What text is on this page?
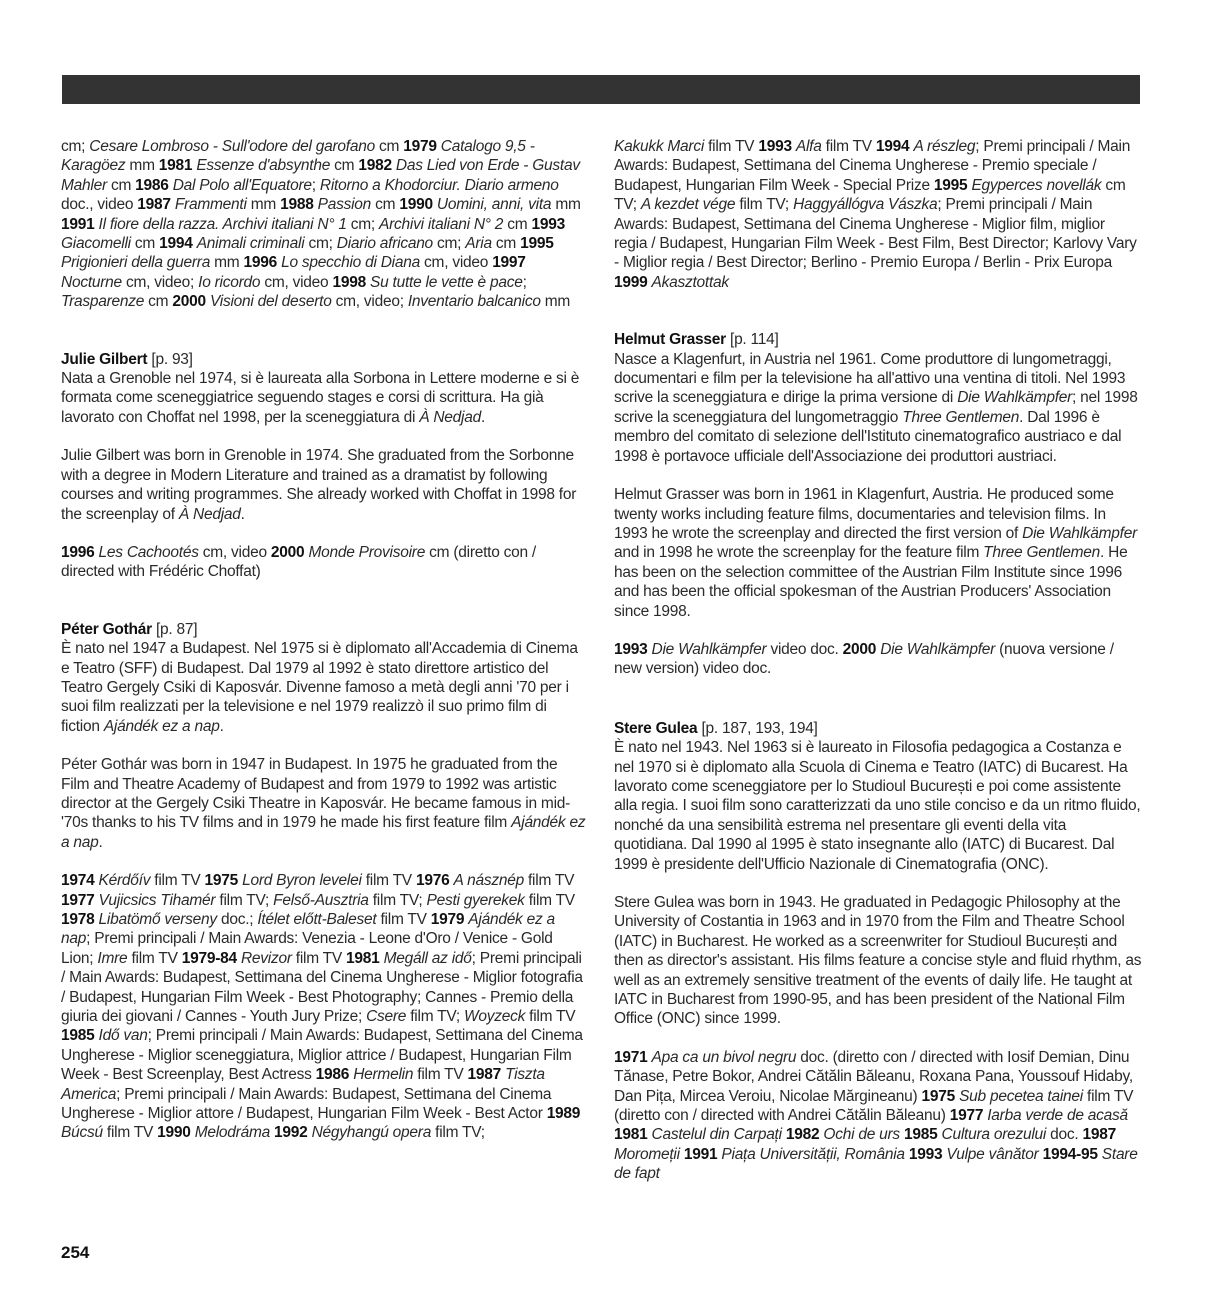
cm; Cesare Lombroso - Sull'odore del garofano cm 1979 Catalogo 9,5 - Karagöez mm 1981 Essenze d'absynthe cm 1982 Das Lied von Erde - Gustav Mahler cm 1986 Dal Polo all'Equatore; Ritorno a Khodorciur. Diario armeno doc., video 1987 Frammenti mm 1988 Passion cm 1990 Uomini, anni, vita mm 1991 Il fiore della razza. Archivi italiani N° 1 cm; Archivi italiani N° 2 cm 1993 Giacomelli cm 1994 Animali criminali cm; Diario africano cm; Aria cm 1995 Prigionieri della guerra mm 1996 Lo specchio di Diana cm, video 1997 Nocturne cm, video; Io ricordo cm, video 1998 Su tutte le vette è pace; Trasparenze cm 2000 Visioni del deserto cm, video; Inventario balcanico mm

Julie Gilbert [p. 93]
Nata a Grenoble nel 1974, si è laureata alla Sorbona in Lettere moderne e si è formata come sceneggiatrice seguendo stages e corsi di scrittura. Ha già lavorato con Choffat nel 1998, per la sceneggiatura di À Nedjad.

Julie Gilbert was born in Grenoble in 1974. She graduated from the Sorbonne with a degree in Modern Literature and trained as a dramatist by following courses and writing programmes. She already worked with Choffat in 1998 for the screenplay of À Nedjad.

1996 Les Cachootés cm, video 2000 Monde Provisoire cm (diretto con / directed with Frédéric Choffat)

Péter Gothár [p. 87]
È nato nel 1947 a Budapest. Nel 1975 si è diplomato all'Accademia di Cinema e Teatro (SFF) di Budapest. Dal 1979 al 1992 è stato direttore artistico del Teatro Gergely Csiki di Kaposvár. Divenne famoso a metà degli anni '70 per i suoi film realizzati per la televisione e nel 1979 realizzò il suo primo film di fiction Ajándék ez a nap.

Péter Gothár was born in 1947 in Budapest. In 1975 he graduated from the Film and Theatre Academy of Budapest and from 1979 to 1992 was artistic director at the Gergely Csiki Theatre in Kaposvár. He became famous in mid-'70s thanks to his TV films and in 1979 he made his first feature film Ajándék ez a nap.

1974 Kérdőív film TV 1975 Lord Byron levelei film TV 1976 A násznép film TV 1977 Vujicsics Tihamér film TV; Felső-Ausztria film TV; Pesti gyerekek film TV 1978 Libatömő verseny doc.; Ítélet előtt-Baleset film TV 1979 Ajándék ez a nap; Premi principali / Main Awards: Venezia - Leone d'Oro / Venice - Gold Lion; Imre film TV 1979-84 Revizor film TV 1981 Megáll az idő; Premi principali / Main Awards: Budapest, Settimana del Cinema Ungherese - Miglior fotografia / Budapest, Hungarian Film Week - Best Photography; Cannes - Premio della giuria dei giovani / Cannes - Youth Jury Prize; Csere film TV; Woyzeck film TV 1985 Idő van; Premi principali / Main Awards: Budapest, Settimana del Cinema Ungherese - Miglior sceneggiatura, Miglior attrice / Budapest, Hungarian Film Week - Best Screenplay, Best Actress 1986 Hermelin film TV 1987 Tiszta America; Premi principali / Main Awards: Budapest, Settimana del Cinema Ungherese - Miglior attore / Budapest, Hungarian Film Week - Best Actor 1989 Búcsú film TV 1990 Melodráma 1992 Négyhangú opera film TV;

Kakukk Marci film TV 1993 Alfa film TV 1994 A részleg; Premi principali / Main Awards: Budapest, Settimana del Cinema Ungherese - Premio speciale / Budapest, Hungarian Film Week - Special Prize 1995 Egyperces novellák cm TV; A kezdet vége film TV; Haggyállógva Vászka; Premi principali / Main Awards: Budapest, Settimana del Cinema Ungherese - Miglior film, miglior regia / Budapest, Hungarian Film Week - Best Film, Best Director; Karlovy Vary - Miglior regia / Best Director; Berlino - Premio Europa / Berlin - Prix Europa 1999 Akasztottak

Helmut Grasser [p. 114]
Nasce a Klagenfurt, in Austria nel 1961. Come produttore di lungometraggi, documentari e film per la televisione ha all'attivo una ventina di titoli. Nel 1993 scrive la sceneggiatura e dirige la prima versione di Die Wahlkämpfer; nel 1998 scrive la sceneggiatura del lungometraggio Three Gentlemen. Dal 1996 è membro del comitato di selezione dell'Istituto cinematografico austriaco e dal 1998 è portavoce ufficiale dell'Associazione dei produttori austriaci.

Helmut Grasser was born in 1961 in Klagenfurt, Austria. He produced some twenty works including feature films, documentaries and television films. In 1993 he wrote the screenplay and directed the first version of Die Wahlkämpfer and in 1998 he wrote the screenplay for the feature film Three Gentlemen. He has been on the selection committee of the Austrian Film Institute since 1996 and has been the official spokesman of the Austrian Producers' Association since 1998.

1993 Die Wahlkämpfer video doc. 2000 Die Wahlkämpfer (nuova versione / new version) video doc.

Stere Gulea [p. 187, 193, 194]
È nato nel 1943. Nel 1963 si è laureato in Filosofia pedagogica a Costanza e nel 1970 si è diplomato alla Scuola di Cinema e Teatro (IATC) di Bucarest. Ha lavorato come sceneggiatore per lo Studioul București e poi come assistente alla regia. I suoi film sono caratterizzati da uno stile conciso e da un ritmo fluido, nonché da una sensibilità estrema nel presentare gli eventi della vita quotidiana. Dal 1990 al 1995 è stato insegnante allo (IATC) di Bucarest. Dal 1999 è presidente dell'Ufficio Nazionale di Cinematografia (ONC).

Stere Gulea was born in 1943. He graduated in Pedagogic Philosophy at the University of Costantia in 1963 and in 1970 from the Film and Theatre School (IATC) in Bucharest. He worked as a screenwriter for Studioul București and then as director's assistant. His films feature a concise style and fluid rhythm, as well as an extremely sensitive treatment of the events of daily life. He taught at IATC in Bucharest from 1990-95, and has been president of the National Film Office (ONC) since 1999.

1971 Apa ca un bivol negru doc. (diretto con / directed with Iosif Demian, Dinu Tănase, Petre Bokor, Andrei Cătălin Băleanu, Roxana Pana, Youssouf Hidaby, Dan Pița, Mircea Veroiu, Nicolae Mărgineanu) 1975 Sub pecetea tainei film TV (diretto con / directed with Andrei Cătălin Băleanu) 1977 Iarba verde de acasă 1981 Castelul din Carpați 1982 Ochi de urs 1985 Cultura orezului doc. 1987 Moromeții 1991 Piața Universității, România 1993 Vulpe vânător 1994-95 Stare de fapt

254
